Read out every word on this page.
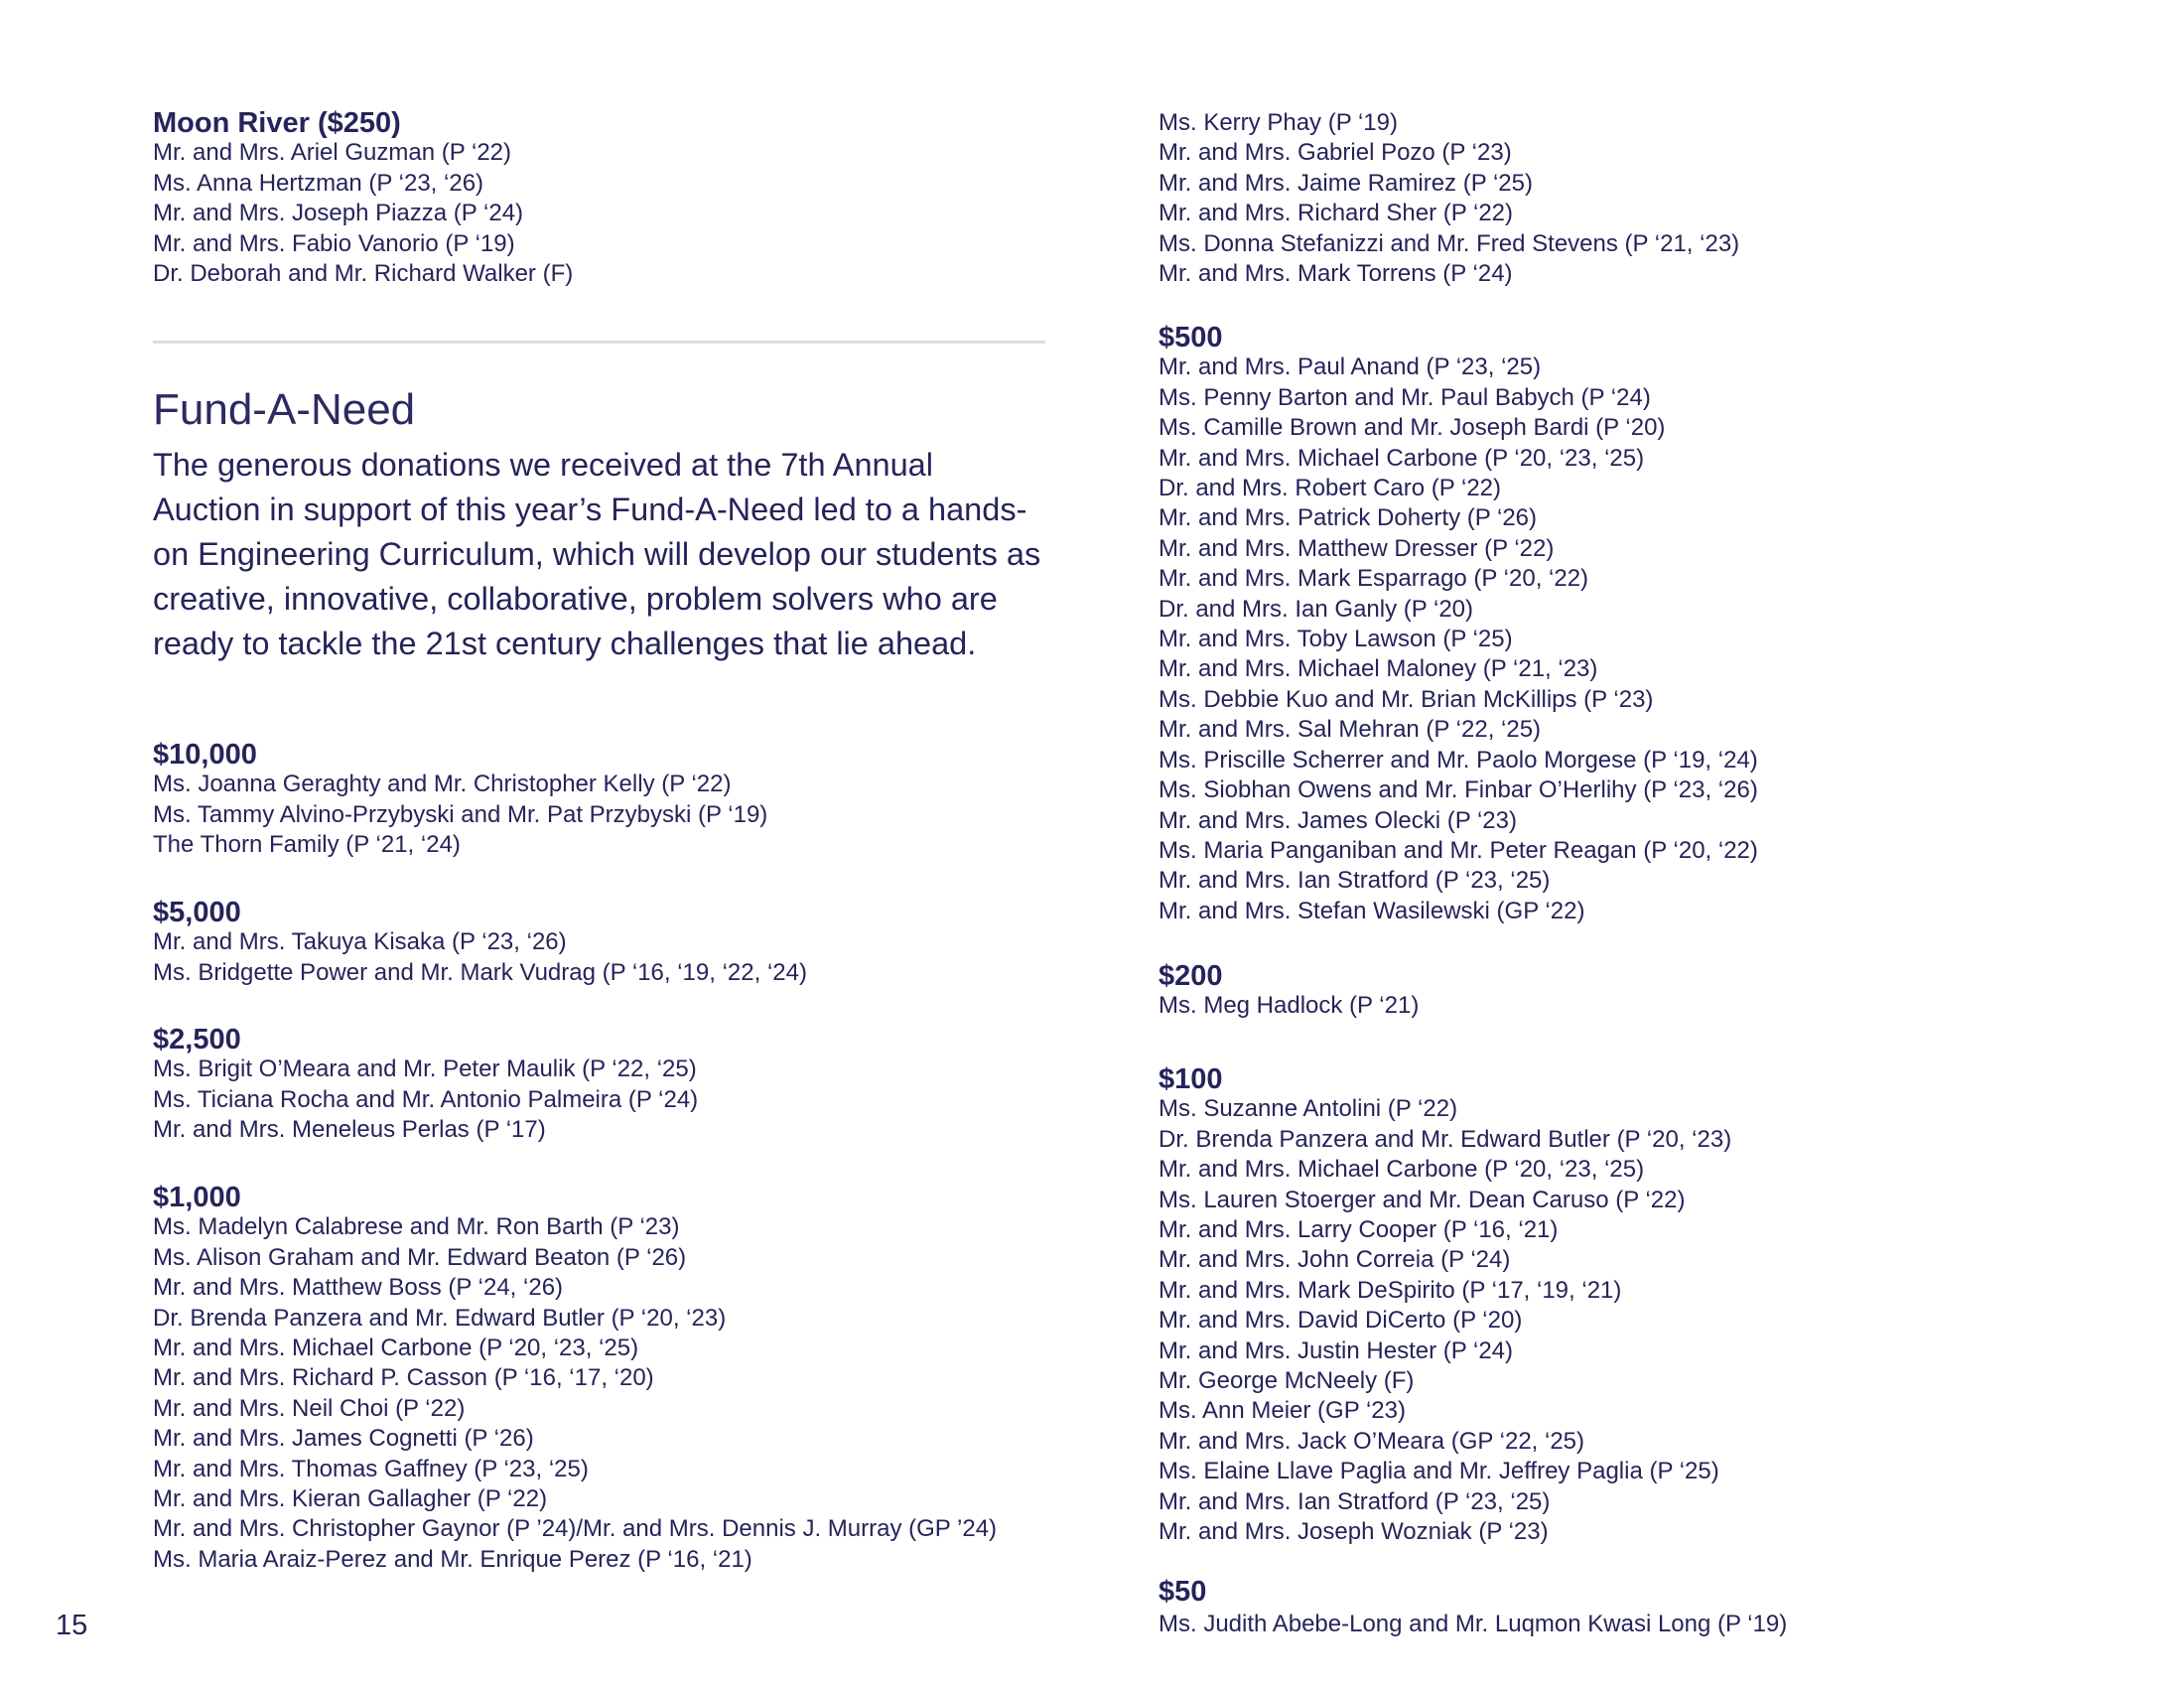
Moon River ($250)

Mr. and Mrs. Ariel Guzman (P ‘22)

Ms. Anna Hertzman (P ‘23, ‘26)

Mr. and Mrs. Joseph Piazza (P ‘24)

Mr. and Mrs. Fabio Vanorio (P ‘19)

Dr. Deborah and Mr. Richard Walker (F)

Fund-A-Need

The generous donations we received at the 7th Annual Auction in support of this year’s Fund-A-Need led to a hands-on Engineering Curriculum, which will develop our students as creative, innovative, collaborative, problem solvers who are ready to tackle the 21st century challenges that lie ahead.

$10,000

Ms. Joanna Geraghty and Mr. Christopher Kelly (P ‘22)

Ms. Tammy Alvino-Przybyski and Mr. Pat Przybyski (P ‘19)

The Thorn Family (P ‘21, ‘24)

$5,000

Mr. and Mrs. Takuya Kisaka (P ‘23, ‘26)

Ms. Bridgette Power and Mr. Mark Vudrag (P ‘16, ‘19, ‘22, ‘24)

$2,500

Ms. Brigit O’Meara and Mr. Peter Maulik (P ‘22, ‘25)

Ms. Ticiana Rocha and Mr. Antonio Palmeira (P ‘24)

Mr. and Mrs. Meneleus Perlas (P ‘17)

$1,000

Ms. Madelyn Calabrese and Mr. Ron Barth (P ‘23)

Ms. Alison Graham and Mr. Edward Beaton (P ‘26)

Mr. and Mrs. Matthew Boss (P ‘24, ‘26)

Dr. Brenda Panzera and Mr. Edward Butler (P ‘20, ‘23)

Mr. and Mrs. Michael Carbone (P ‘20, ‘23, ‘25)

Mr. and Mrs. Richard P. Casson (P ‘16, ‘17, ‘20)

Mr. and Mrs. Neil Choi (P ‘22)

Mr. and Mrs. James Cognetti (P ‘26)

Mr. and Mrs. Thomas Gaffney (P ‘23, ‘25)

Mr. and Mrs. Kieran Gallagher (P ‘22)

Mr. and Mrs. Christopher Gaynor (P ’24)/Mr. and Mrs. Dennis J. Murray (GP ’24)

Ms. Maria Araiz-Perez and Mr. Enrique Perez (P ‘16, ‘21)

Ms. Kerry Phay (P ‘19)

Mr. and Mrs. Gabriel Pozo (P ‘23)

Mr. and Mrs. Jaime Ramirez (P ‘25)

Mr. and Mrs. Richard Sher (P ‘22)

Ms. Donna Stefanizzi and Mr. Fred Stevens (P ‘21, ‘23)

Mr. and Mrs. Mark Torrens (P ‘24)

$500

Mr. and Mrs. Paul Anand (P ‘23, ‘25)

Ms. Penny Barton and Mr. Paul Babych (P ‘24)

Ms. Camille Brown and Mr. Joseph Bardi (P ‘20)

Mr. and Mrs. Michael Carbone (P ‘20, ‘23, ‘25)

Dr. and Mrs. Robert Caro (P ‘22)

Mr. and Mrs. Patrick Doherty (P ‘26)

Mr. and Mrs. Matthew Dresser (P ‘22)

Mr. and Mrs. Mark Esparrago (P ‘20, ‘22)

Dr. and Mrs. Ian Ganly (P ‘20)

Mr. and Mrs. Toby Lawson (P ‘25)

Mr. and Mrs. Michael Maloney (P ‘21, ‘23)

Ms. Debbie Kuo and Mr. Brian McKillips (P ‘23)

Mr. and Mrs. Sal Mehran (P ‘22, ‘25)

Ms. Priscille Scherrer and Mr. Paolo Morgese (P ‘19, ‘24)

Ms. Siobhan Owens and Mr. Finbar O’Herlihy (P ‘23, ‘26)

Mr. and Mrs. James Olecki (P ‘23)

Ms. Maria Panganiban and Mr. Peter Reagan (P ‘20, ‘22)

Mr. and Mrs. Ian Stratford (P ‘23, ‘25)

Mr. and Mrs. Stefan Wasilewski (GP ‘22)

$200

Ms. Meg Hadlock (P ‘21)

$100

Ms. Suzanne Antolini (P ‘22)

Dr. Brenda Panzera and Mr. Edward Butler (P ‘20, ‘23)

Mr. and Mrs. Michael Carbone (P ‘20, ‘23, ‘25)

Ms. Lauren Stoerger and Mr. Dean Caruso (P ‘22)

Mr. and Mrs. Larry Cooper (P ‘16, ‘21)

Mr. and Mrs. John Correia (P ‘24)

Mr. and Mrs. Mark DeSpirito (P ‘17, ‘19, ‘21)

Mr. and Mrs. David DiCerto (P ‘20)

Mr. and Mrs. Justin Hester (P ‘24)

Mr. George McNeely (F)

Ms. Ann Meier (GP ‘23)

Mr. and Mrs. Jack O’Meara (GP ‘22, ‘25)

Ms. Elaine Llave Paglia and Mr. Jeffrey Paglia (P ‘25)

Mr. and Mrs. Ian Stratford (P ‘23, ‘25)

Mr. and Mrs. Joseph Wozniak (P ‘23)

$50

Ms. Judith Abebe-Long and Mr. Luqmon Kwasi Long (P ‘19)

15
